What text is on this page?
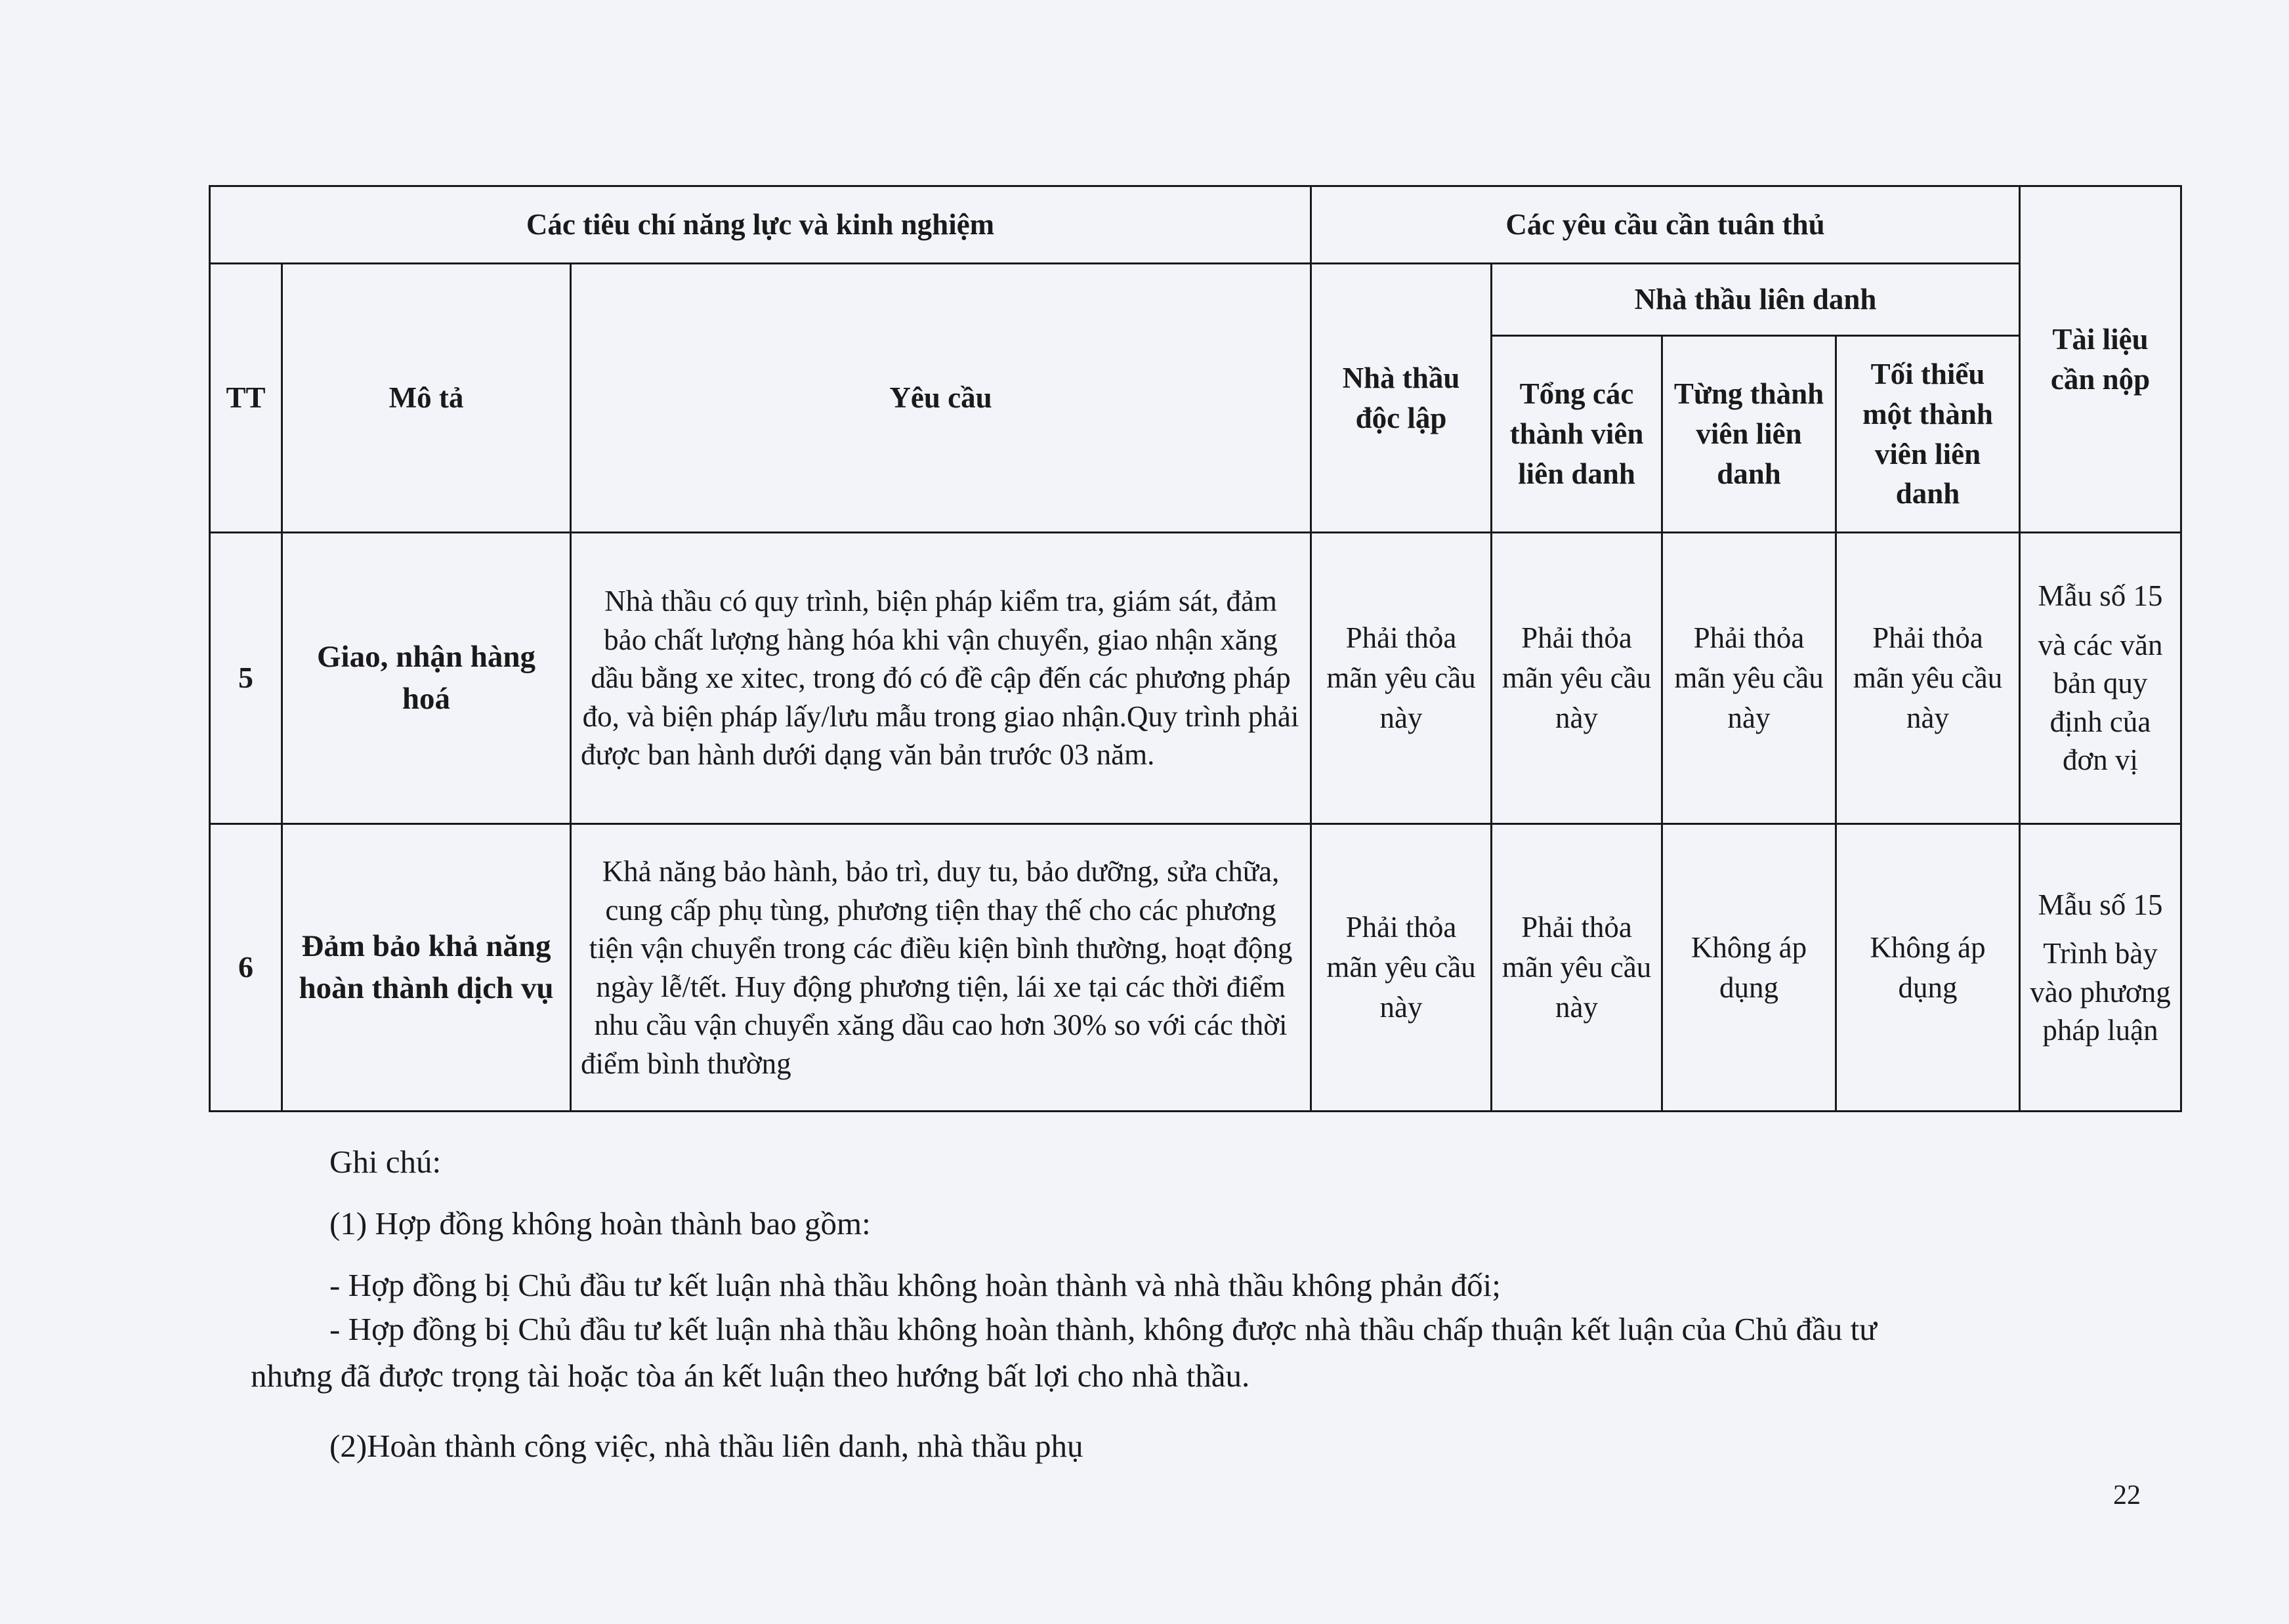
Các tiêu chí năng lực và kinh nghiệm			Các yêu cầu cần tuân thủ				Tài liệu cần nộp
TT	Mô tả	Yêu cầu	Nhà thầu độc lập	Nhà thầu liên danh			
				Tổng các thành viên liên danh	Từng thành viên liên danh	Tối thiểu một thành viên liên danh	
5	Giao, nhận hàng hoá	Nhà thầu có quy trình, biện pháp kiểm tra, giám sát, đảm bảo chất lượng hàng hóa khi vận chuyển, giao nhận xăng dầu bằng xe xitec, trong đó có đề cập đến các phương pháp đo, và biện pháp lấy/lưu mẫu trong giao nhận.Quy trình phải được ban hành dưới dạng văn bản trước 03 năm.	Phải thỏa mãn yêu cầu này	Phải thỏa mãn yêu cầu này	Phải thỏa mãn yêu cầu này	Phải thỏa mãn yêu cầu này	Mẫu số 15
và các văn bản quy định của đơn vị

6	Đảm bảo khả năng hoàn thành dịch vụ	Khả năng bảo hành, bảo trì, duy tu, bảo dưỡng, sửa chữa, cung cấp phụ tùng, phương tiện thay thế cho các phương tiện vận chuyển trong các điều kiện bình thường, hoạt động ngày lễ/tết. Huy động phương tiện, lái xe tại các thời điểm nhu cầu vận chuyển xăng dầu cao hơn 30% so với các thời điểm bình thường	Phải thỏa mãn yêu cầu này	Phải thỏa mãn yêu cầu này	Không áp dụng	Không áp dụng	Mẫu số 15
Trình bày vào phương pháp luận

Ghi chú:

(1) Hợp đồng không hoàn thành bao gồm:

- Hợp đồng bị Chủ đầu tư kết luận nhà thầu không hoàn thành và nhà thầu không phản đối;

- Hợp đồng bị Chủ đầu tư kết luận nhà thầu không hoàn thành, không được nhà thầu chấp thuận kết luận của Chủ đầu tư
nhưng đã được trọng tài hoặc tòa án kết luận theo hướng bất lợi cho nhà thầu.
(2)Hoàn thành công việc, nhà thầu liên danh, nhà thầu phụ
22
